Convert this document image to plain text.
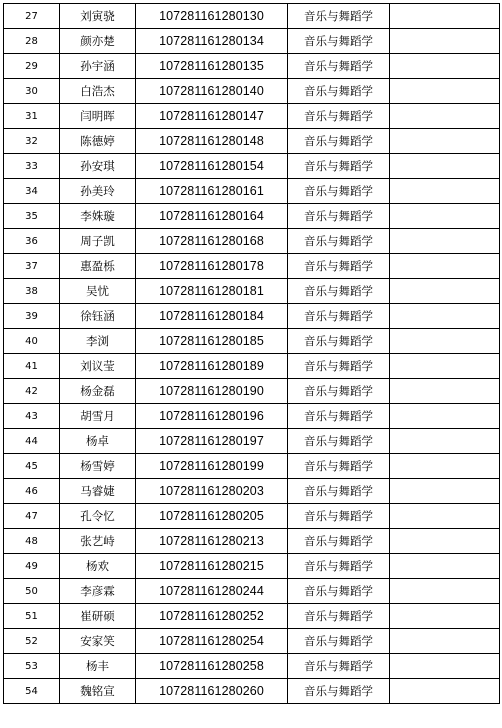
27	刘寅骁	107281161280130	音乐与舞蹈学	
28	颜亦楚	107281161280134	音乐与舞蹈学	
29	孙宇涵	107281161280135	音乐与舞蹈学	
30	白浩杰	107281161280140	音乐与舞蹈学	
31	闫明晖	107281161280147	音乐与舞蹈学	
32	陈德婷	107281161280148	音乐与舞蹈学	
33	孙安琪	107281161280154	音乐与舞蹈学	
34	孙美玲	107281161280161	音乐与舞蹈学	
35	李姝璇	107281161280164	音乐与舞蹈学	
36	周子凯	107281161280168	音乐与舞蹈学	
37	惠盈栎	107281161280178	音乐与舞蹈学	
38	吴忧	107281161280181	音乐与舞蹈学	
39	徐钰涵	107281161280184	音乐与舞蹈学	
40	李浏	107281161280185	音乐与舞蹈学	
41	刘议莹	107281161280189	音乐与舞蹈学	
42	杨金磊	107281161280190	音乐与舞蹈学	
43	胡雪月	107281161280196	音乐与舞蹈学	
44	杨卓	107281161280197	音乐与舞蹈学	
45	杨雪婷	107281161280199	音乐与舞蹈学	
46	马睿婕	107281161280203	音乐与舞蹈学	
47	孔令忆	107281161280205	音乐与舞蹈学	
48	张艺峙	107281161280213	音乐与舞蹈学	
49	杨欢	107281161280215	音乐与舞蹈学	
50	李彦霖	107281161280244	音乐与舞蹈学	
51	崔研硕	107281161280252	音乐与舞蹈学	
52	安家笑	107281161280254	音乐与舞蹈学	
53	杨丰	107281161280258	音乐与舞蹈学	
54	魏铭宣	107281161280260	音乐与舞蹈学	
